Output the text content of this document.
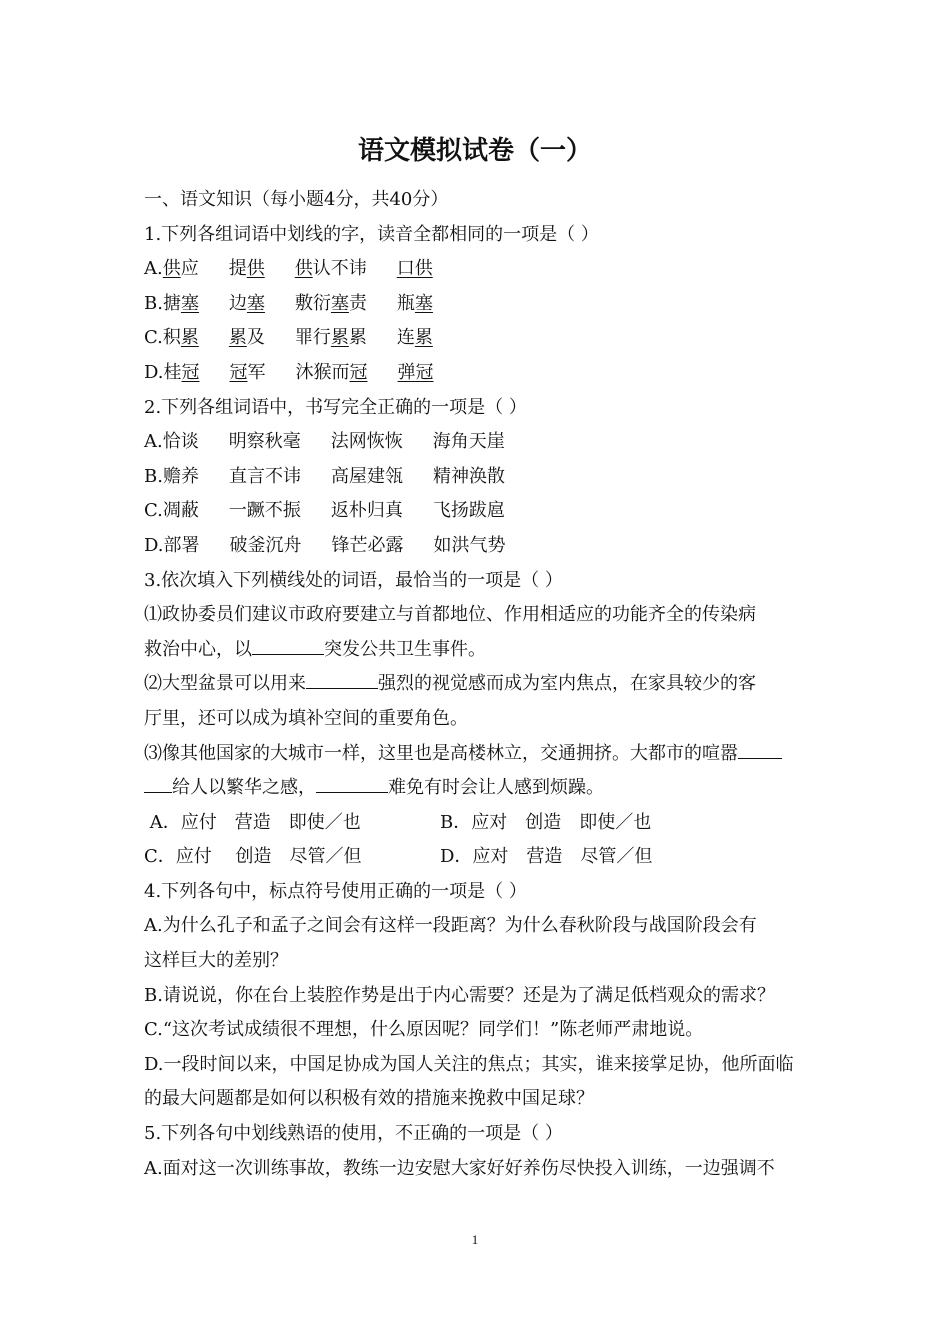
语文模拟试卷（一）
一、语文知识（每小题4分，共40分）
1.下列各组词语中划线的字，读音全都相同的一项是（ ）
A.供应 提供 供认不讳 口供
B.搪塞 边塞 敷衍塞责 瓶塞
C.积累 累及 罪行累累 连累
D.桂冠 冠军 沐猴而冠 弹冠
2.下列各组词语中，书写完全正确的一项是（ ）
A.恰谈 明察秋毫 法网恢恢 海角天崖
B.赡养 直言不讳 高屋建瓴 精神涣散
C.凋蔽 一蹶不振 返朴归真 飞扬跋扈
D.部署 破釜沉舟 锋芒必露 如洪气势
3.依次填入下列横线处的词语，最恰当的一项是（ ）
⑴政协委员们建议市政府要建立与首都地位、作用相适应的功能齐全的传染病
救治中心，以	突发公共卫生事件。
⑵大型盆景可以用来	强烈的视觉感而成为室内焦点，在家具较少的客
厅里，还可以成为填补空间的重要角色。
⑶像其他国家的大城市一样，这里也是高楼林立，交通拥挤。大都市的喧嚣
给人以繁华之感，	难免有时会让人感到烦躁。
A．应付　营造　即使／也	B．应对　创造　即使／也
C．应付　 创造　尽管／但	D．应对　营造　尽管／但
4.下列各句中，标点符号使用正确的一项是（ ）
A.为什么孔子和孟子之间会有这样一段距离？为什么春秋阶段与战国阶段会有
这样巨大的差别？
B.请说说，你在台上装腔作势是出于内心需要？还是为了满足低档观众的需求？
C.“这次考试成绩很不理想，什么原因呢？同学们！”陈老师严肃地说。
D.一段时间以来，中国足协成为国人关注的焦点；其实，谁来接掌足协，他所面临
的最大问题都是如何以积极有效的措施来挽救中国足球？
5.下列各句中划线熟语的使用，不正确的一项是（ ）
A.面对这一次训练事故，教练一边安慰大家好好养伤尽快投入训练，一边强调不
1
